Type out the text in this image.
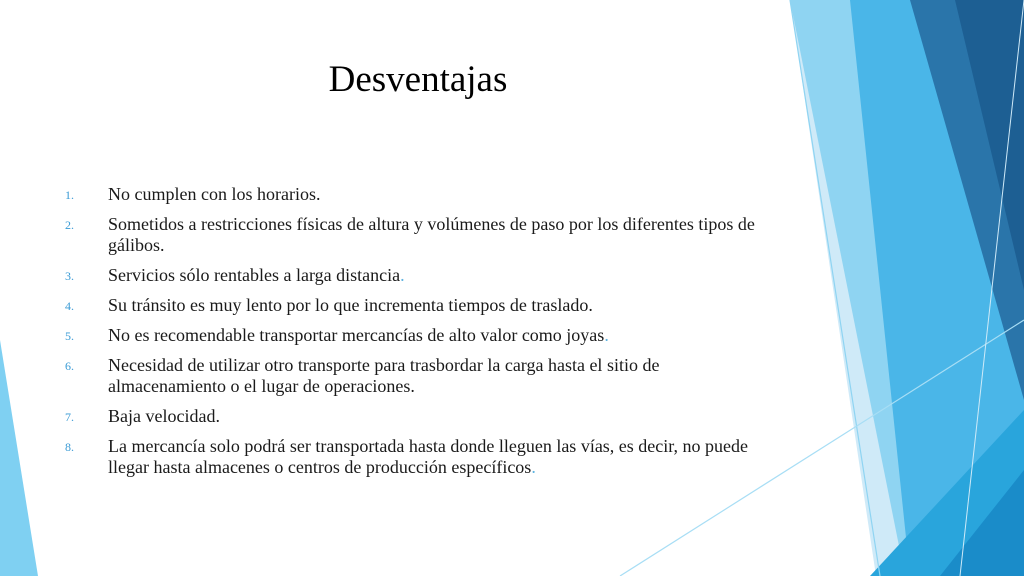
Desventajas
1. No cumplen con los horarios.
2. Sometidos a restricciones físicas de altura y volúmenes de paso por los diferentes tipos de gálibos.
3. Servicios sólo rentables a larga distancia.
4. Su tránsito es muy lento por lo que incrementa tiempos de traslado.
5. No es recomendable transportar mercancías de alto valor como joyas.
6. Necesidad de utilizar otro transporte para trasbordar la carga hasta el sitio de almacenamiento o el lugar de operaciones.
7. Baja velocidad.
8. La mercancía solo podrá ser transportada hasta donde lleguen las vías, es decir, no puede llegar hasta almacenes o centros de producción específicos.
